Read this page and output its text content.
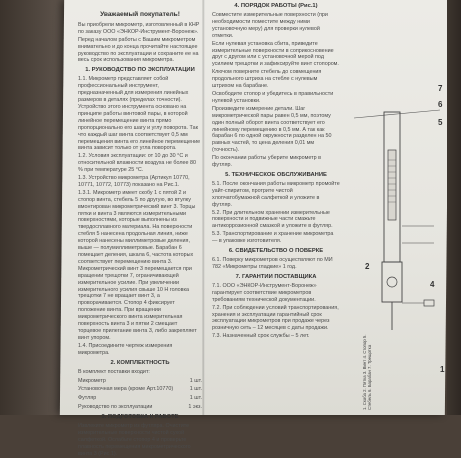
Уважаемый покупатель!
Вы приобрели микрометр, изготовленный в КНР по заказу ООО «ЭНКОР-Инструмент-Воронеж».
Перед началом работы с Вашим микрометром внимательно и до конца прочитайте настоящее руководство по эксплуатации и сохраните ее на весь срок использования микрометра.
1. РУКОВОДСТВО ПО ЭКСПЛУАТАЦИИ
1.1. Микрометр представляет собой профессиональный инструмент, предназначенный для измерения линейных размеров в деталях (пределах точности). Устройство этого инструмента основано на принципе работы винтовой пары, в которой линейное перемещение винта прямо пропорционально его шагу и углу поворота. Так что каждый шаг винта соответствует 0,5 мм перемещения винта его линейное перемещение винта зависит только от угла поворота.
1.2. Условия эксплуатации: от 10 до 30 °С и относительной влажности воздуха не более 80 % при температуре 25 °С.
1.3. Устройство микрометра (Артикул 10770, 10771, 10772, 10773) показано на Рис.1.
1.3.1. Микрометр имеет скобу 1 с пятой 2 и стопор винта, стебель 5 по другую, во втулку вмонтирован микрометрический винт 3. Торцы пятки и винта 3 являются измерительными поверхностями, которые выполнены из твердосплавного материала. На поверхности стебля 5 нанесена продольная линия, ниже которой нанесены миллиметровые деления, выше — полумиллиметровые. Барабан 6 помещает деления, шкала 6, частота которых соответствует перемещению винта 3. Микрометрический винт 3 перемещается при вращении трещотки 7, ограничивающей измерительное усилие. При увеличении измерительного усилия свыше 10 Н головка трещотки 7 не вращает винт 3, а проворачивается. Стопор 4 фиксирует положение винта. При вращении микрометрического винта измерительная поверхность винта 3 и пятки 2 смещает торцевое прилегание винта 3, либо закрепляет винт упором.
1.4. Присоедините чертеж измерения микрометра.
2. КОМПЛЕКТНОСТЬ
В комплект поставки входит:
Микрометр	1 шт.
Установочная мера (кроме Арт.10770)	1 шт.
Футляр	1 шт.
Руководство по эксплуатации	1 экз.
3. ПОДГОТОВКА К РАБОТЕ
Извлеките микрометр из футляра. Очистите измерительные поверхности чистой сухой салфеткой. Ослабьте стопор 4 и проверьте плавность перемещения микрометрического винта 3 (Рис.1).
4. ПОРЯДОК РАБОТЫ (Рис.1)
Совместите измерительные поверхности (при необходимости поместите между ними установочную меру) для проверки нулевой отметки.
Если нулевая установка сбита, приведите измерительные поверхности в соприкосновение друг с другом или с установочной мерой под усилием трещотки и зафиксируйте винт стопором.
Ключом поверните стебель до совмещения продольного штриха на стебле с нулевым штрихом на барабане.
Освободите стопор и убедитесь в правильности нулевой установки.
Произведите измерение детали. Шаг микрометрической пары равен 0,5 мм, поэтому один полный оборот винта соответствует его линейному перемещению в 0,5 мм. А так как барабан 6 по одной окружности разделен на 50 равных частей, то цена деления 0,01 мм (точность).
По окончании работы уберите микрометр в футляр.
5. ТЕХНИЧЕСКОЕ ОБСЛУЖИВАНИЕ
5.1. После окончания работы микрометр промойте уайт-спиритом, протрите чистой хлопчатобумажной салфеткой и уложите в футляр.
5.2. При длительном хранении измерительные поверхности и подвижные части смажьте антикоррозионной смазкой и уложите в футляр.
5.3. Транспортирование и хранение микрометра — в упаковке изготовителя.
6. СВИДЕТЕЛЬСТВО О ПОВЕРКЕ
6.1. Поверку микрометров осуществляют по МИ 782 «Микрометры гладкие» 1 год.
7. ГАРАНТИИ ПОСТАВЩИКА
7.1. ООО «ЭНКОР-Инструмент-Воронеж» гарантирует соответствие микрометров требованиям технической документации.
7.2. При соблюдении условий транспортирования, хранения и эксплуатации гарантийный срок эксплуатации микрометров при продаже через розничную сеть – 12 месяцев с даты продажи.
7.3. Назначенный срок службы – 5 лет.
1
2
4
5
6
7
1. Скоба 2. Пятка 3. Винт 4. Стопор 5. Стебель 6. Барабан 7. Трещотка
